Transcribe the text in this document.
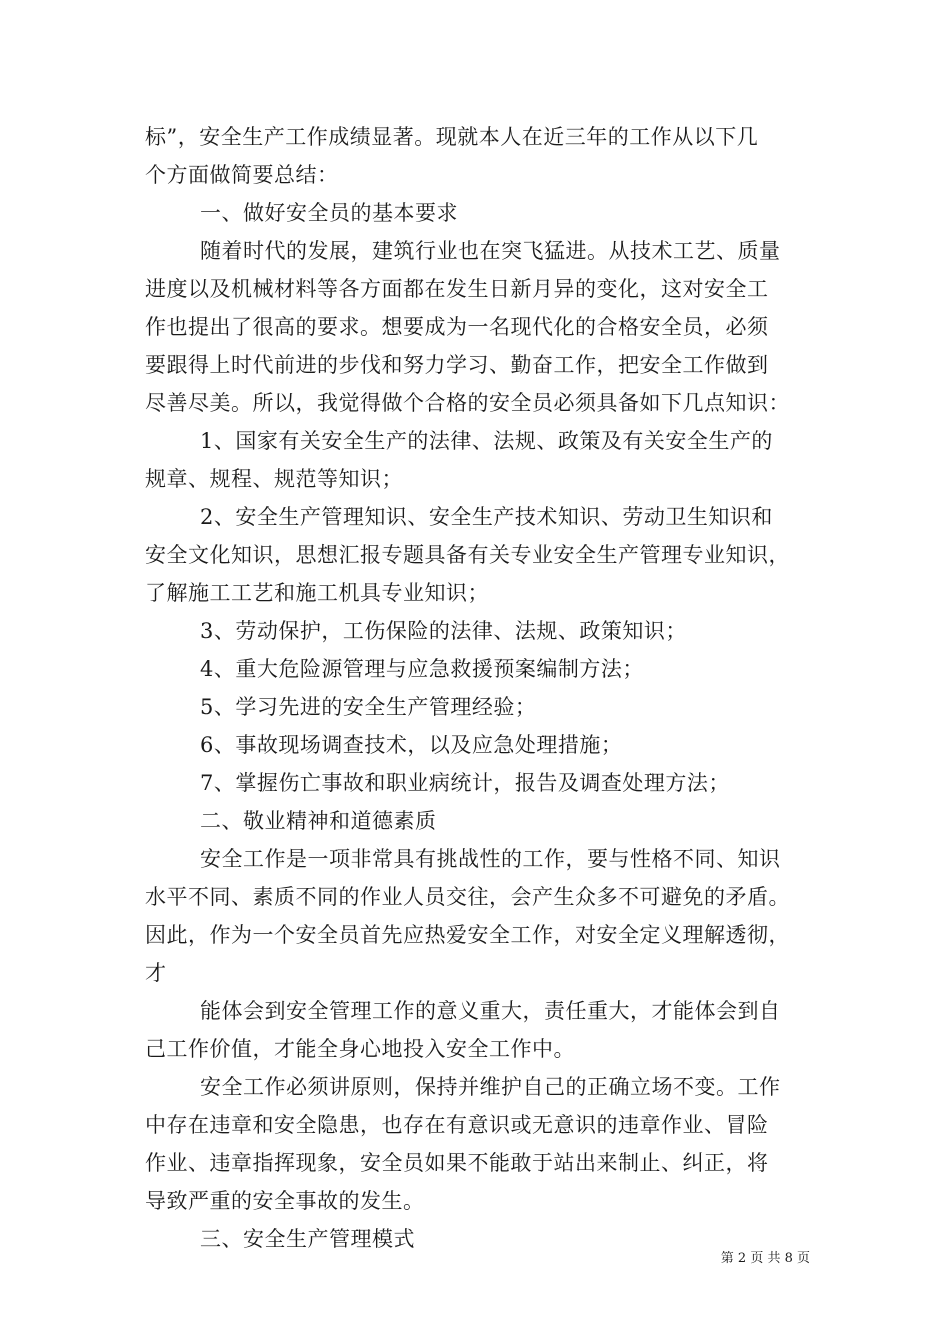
标”，安全生产工作成绩显著。现就本人在近三年的工作从以下几
个方面做简要总结：
一、做好安全员的基本要求
随着时代的发展，建筑行业也在突飞猛进。从技术工艺、质量
进度以及机械材料等各方面都在发生日新月异的变化，这对安全工
作也提出了很高的要求。想要成为一名现代化的合格安全员，必须
要跟得上时代前进的步伐和努力学习、勤奋工作，把安全工作做到
尽善尽美。所以，我觉得做个合格的安全员必须具备如下几点知识：
1、国家有关安全生产的法律、法规、政策及有关安全生产的
规章、规程、规范等知识；
2、安全生产管理知识、安全生产技术知识、劳动卫生知识和
安全文化知识，思想汇报专题具备有关专业安全生产管理专业知识，
了解施工工艺和施工机具专业知识；
3、劳动保护，工伤保险的法律、法规、政策知识；
4、重大危险源管理与应急救援预案编制方法；
5、学习先进的安全生产管理经验；
6、事故现场调查技术，以及应急处理措施；
7、掌握伤亡事故和职业病统计，报告及调查处理方法；
二、敬业精神和道德素质
安全工作是一项非常具有挑战性的工作，要与性格不同、知识
水平不同、素质不同的作业人员交往，会产生众多不可避免的矛盾。
因此，作为一个安全员首先应热爱安全工作，对安全定义理解透彻，
才
能体会到安全管理工作的意义重大，责任重大，才能体会到自
己工作价值，才能全身心地投入安全工作中。
安全工作必须讲原则，保持并维护自己的正确立场不变。工作
中存在违章和安全隐患，也存在有意识或无意识的违章作业、冒险
作业、违章指挥现象，安全员如果不能敢于站出来制止、纠正，将
导致严重的安全事故的发生。
三、安全生产管理模式
第 2 页 共 8 页
